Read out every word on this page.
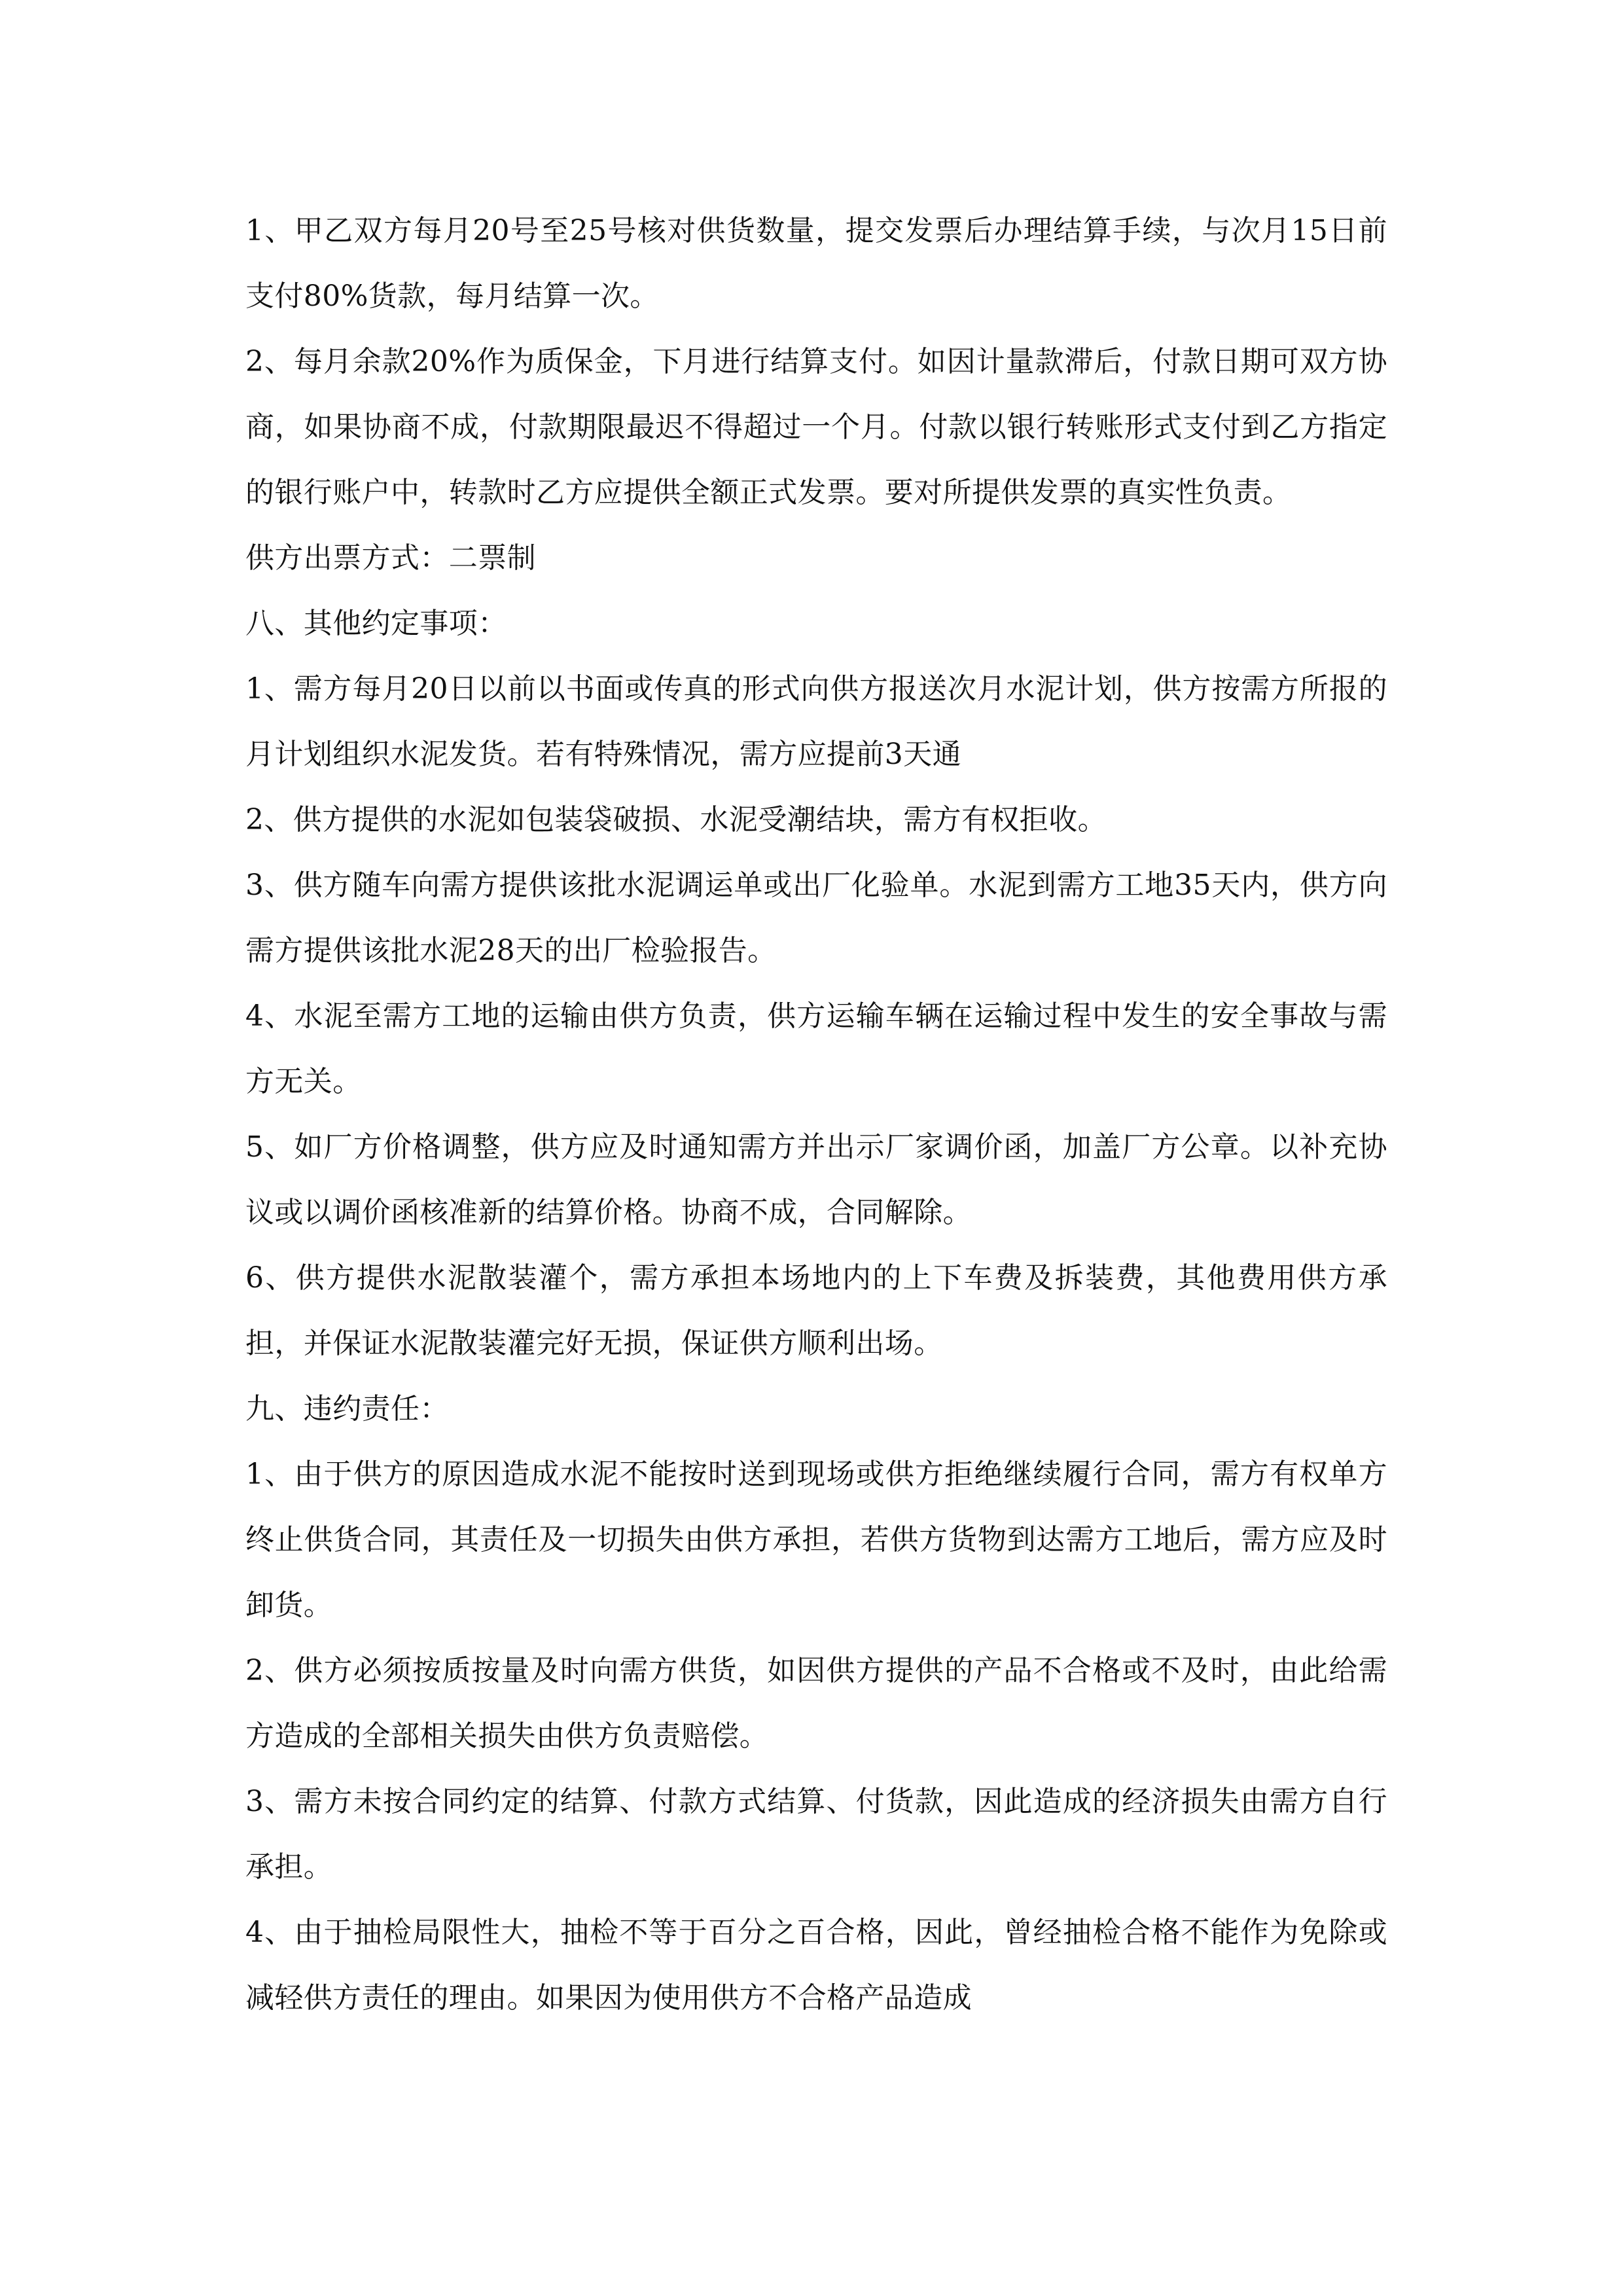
1、甲乙双方每月20号至25号核对供货数量，提交发票后办理结算手续，与次月15日前支付80%货款，每月结算一次。

2、每月余款20%作为质保金，下月进行结算支付。如因计量款滞后，付款日期可双方协商，如果协商不成，付款期限最迟不得超过一个月。付款以银行转账形式支付到乙方指定的银行账户中，转款时乙方应提供全额正式发票。要对所提供发票的真实性负责。

供方出票方式：二票制

八、其他约定事项：

1、需方每月20日以前以书面或传真的形式向供方报送次月水泥计划，供方按需方所报的月计划组织水泥发货。若有特殊情况，需方应提前3天通

2、供方提供的水泥如包装袋破损、水泥受潮结块，需方有权拒收。

3、供方随车向需方提供该批水泥调运单或出厂化验单。水泥到需方工地35天内，供方向需方提供该批水泥28天的出厂检验报告。

4、水泥至需方工地的运输由供方负责，供方运输车辆在运输过程中发生的安全事故与需方无关。

5、如厂方价格调整，供方应及时通知需方并出示厂家调价函，加盖厂方公章。以补充协议或以调价函核准新的结算价格。协商不成，合同解除。

6、供方提供水泥散装灌个，需方承担本场地内的上下车费及拆装费，其他费用供方承担，并保证水泥散装灌完好无损，保证供方顺利出场。

九、违约责任：

1、由于供方的原因造成水泥不能按时送到现场或供方拒绝继续履行合同，需方有权单方终止供货合同，其责任及一切损失由供方承担，若供方货物到达需方工地后，需方应及时卸货。

2、供方必须按质按量及时向需方供货，如因供方提供的产品不合格或不及时，由此给需方造成的全部相关损失由供方负责赔偿。

3、需方未按合同约定的结算、付款方式结算、付货款，因此造成的经济损失由需方自行承担。

4、由于抽检局限性大，抽检不等于百分之百合格，因此，曾经抽检合格不能作为免除或减轻供方责任的理由。如果因为使用供方不合格产品造成
